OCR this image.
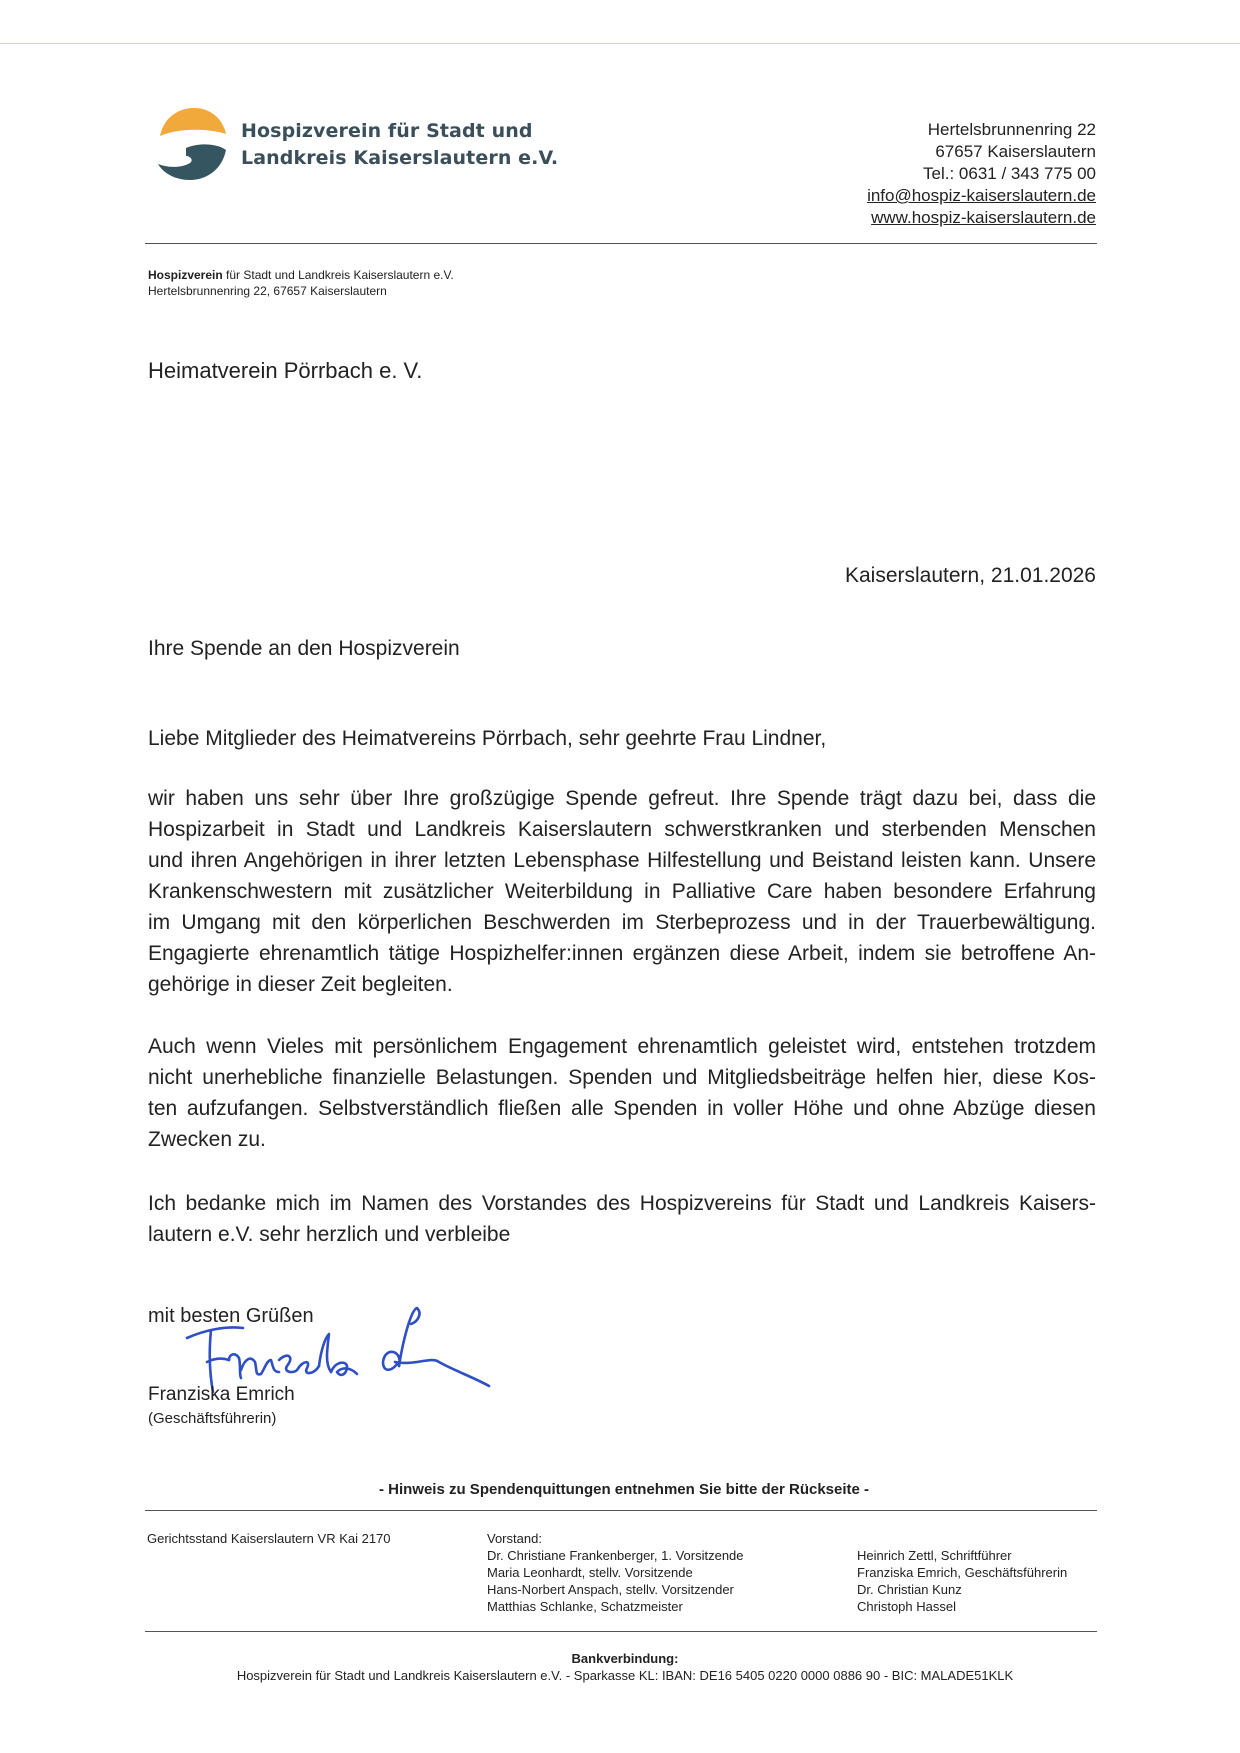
Hospizverein für Stadt und
Landkreis Kaiserslautern e.V.
Hertelsbrunnenring 22
67657 Kaiserslautern
Tel.: 0631 / 343 775 00
info@hospiz-kaiserslautern.de
www.hospiz-kaiserslautern.de
Hospizverein für Stadt und Landkreis Kaiserslautern e.V.
Hertelsbrunnenring 22, 67657 Kaiserslautern
Heimatverein Pörrbach e. V.
Kaiserslautern, 21.01.2026
Ihre Spende an den Hospizverein
Liebe Mitglieder des Heimatvereins Pörrbach, sehr geehrte Frau Lindner,
wir haben uns sehr über Ihre großzügige Spende gefreut. Ihre Spende trägt dazu bei, dass die
Hospizarbeit in Stadt und Landkreis Kaiserslautern schwerstkranken und sterbenden Menschen
und ihren Angehörigen in ihrer letzten Lebensphase Hilfestellung und Beistand leisten kann. Unsere
Krankenschwestern mit zusätzlicher Weiterbildung in Palliative Care haben besondere Erfahrung
im Umgang mit den körperlichen Beschwerden im Sterbeprozess und in der Trauerbewältigung.
Engagierte ehrenamtlich tätige Hospizhelfer:innen ergänzen diese Arbeit, indem sie betroffene An-
gehörige in dieser Zeit begleiten.
Auch wenn Vieles mit persönlichem Engagement ehrenamtlich geleistet wird, entstehen trotzdem
nicht unerhebliche finanzielle Belastungen. Spenden und Mitgliedsbeiträge helfen hier, diese Kos-
ten aufzufangen. Selbstverständlich fließen alle Spenden in voller Höhe und ohne Abzüge diesen
Zwecken zu.
Ich bedanke mich im Namen des Vorstandes des Hospizvereins für Stadt und Landkreis Kaisers-
lautern e.V. sehr herzlich und verbleibe
mit besten Grüßen
Franziska Emrich
(Geschäftsführerin)
- Hinweis zu Spendenquittungen entnehmen Sie bitte der Rückseite -
Gerichtsstand Kaiserslautern VR Kai 2170	Vorstand:
Dr. Christiane Frankenberger, 1. Vorsitzende
Maria Leonhardt, stellv. Vorsitzende
Hans-Norbert Anspach, stellv. Vorsitzender
Matthias Schlanke, Schatzmeister
Heinrich Zettl, Schriftführer
Franziska Emrich, Geschäftsführerin
Dr. Christian Kunz
Christoph Hassel
Bankverbindung:
Hospizverein für Stadt und Landkreis Kaiserslautern e.V. - Sparkasse KL: IBAN: DE16 5405 0220 0000 0886 90 - BIC: MALADE51KLK
